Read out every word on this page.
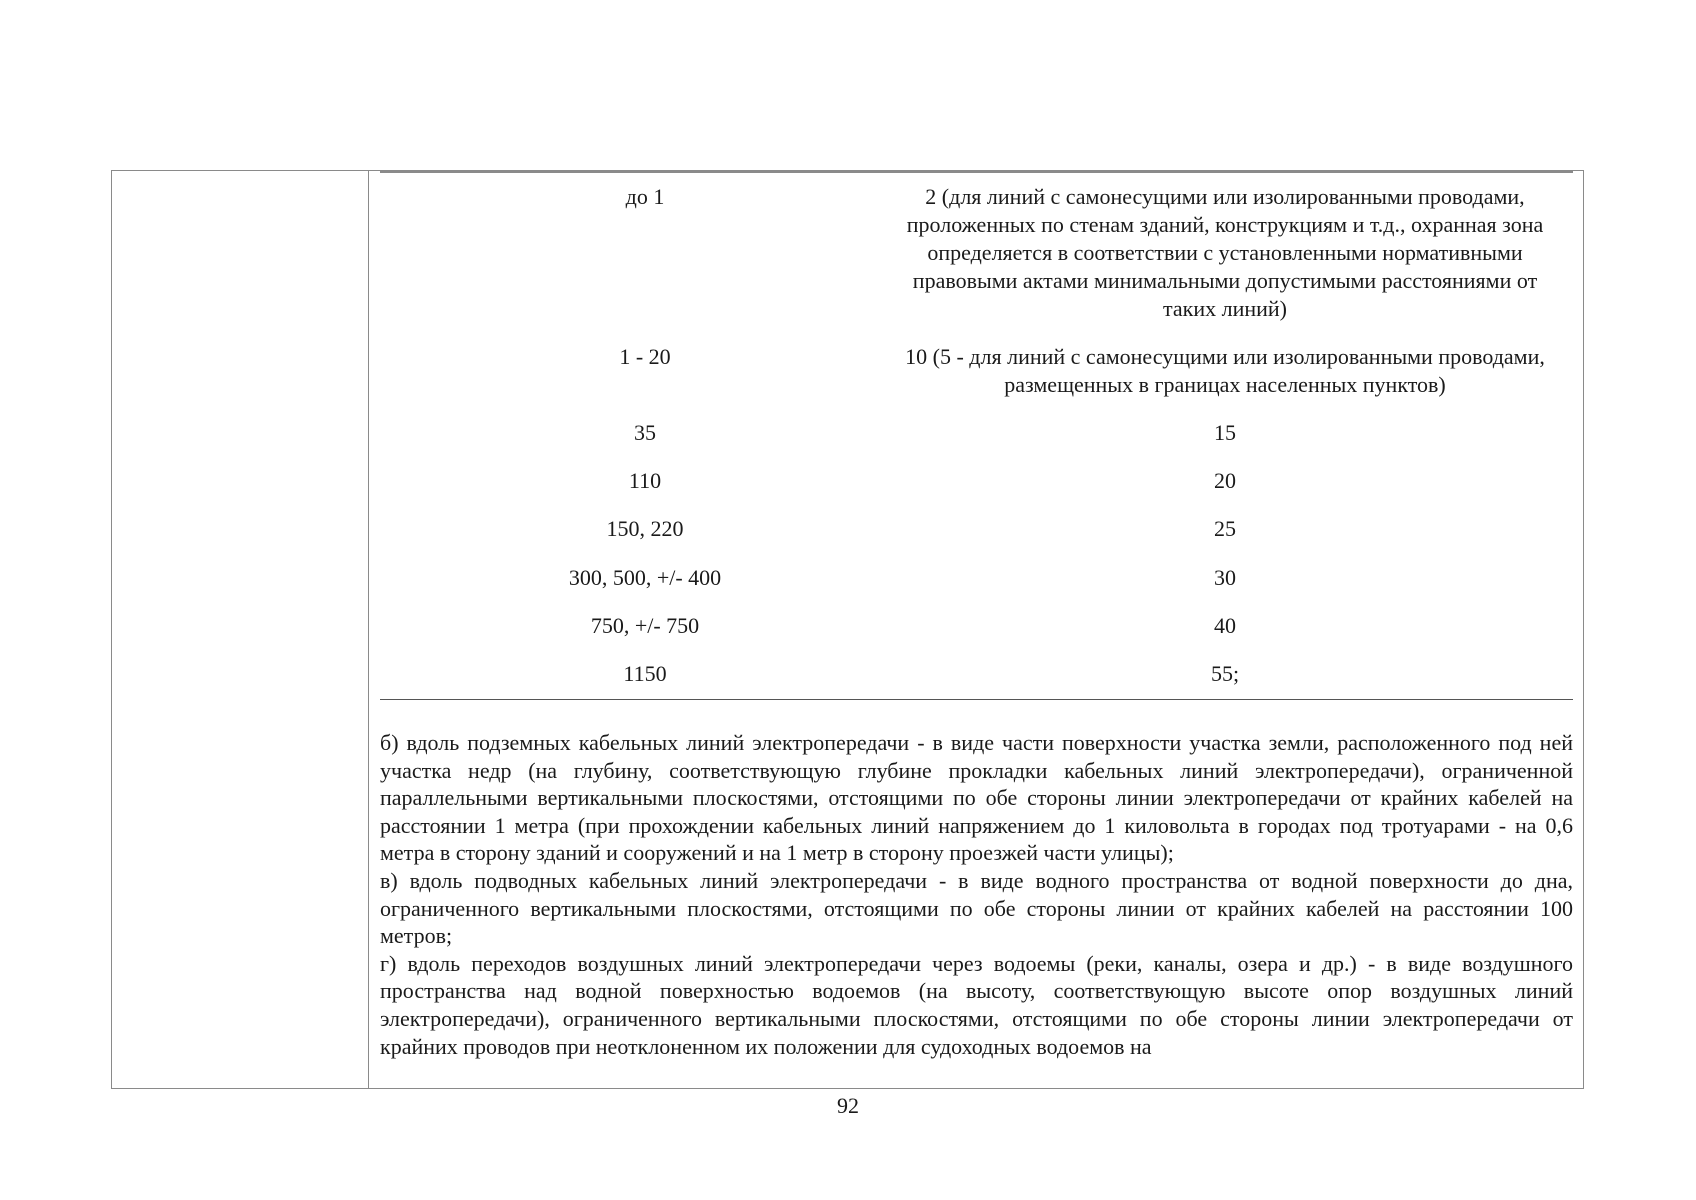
до 1	2 (для линий с самонесущими или изолированными проводами, проложенных по стенам зданий, конструкциям и т.д., охранная зона определяется в соответствии с установленными нормативными правовыми актами минимальными допустимыми расстояниями от таких линий)
1 - 20	10 (5 - для линий с самонесущими или изолированными проводами, размещенных в границах населенных пунктов)
35	15
110	20
150, 220	25
300, 500, +/- 400	30
750, +/- 750	40
1150	55;

б) вдоль подземных кабельных линий электропередачи - в виде части поверхности участка земли, расположенного под ней участка недр (на глубину, соответствующую глубине прокладки кабельных линий электропередачи), ограниченной параллельными вертикальными плоскостями, отстоящими по обе стороны линии электропередачи от крайних кабелей на расстоянии 1 метра (при прохождении кабельных линий напряжением до 1 киловольта в городах под тротуарами - на 0,6 метра в сторону зданий и сооружений и на 1 метр в сторону проезжей части улицы);

в) вдоль подводных кабельных линий электропередачи - в виде водного пространства от водной поверхности до дна, ограниченного вертикальными плоскостями, отстоящими по обе стороны линии от крайних кабелей на расстоянии 100 метров;

г) вдоль переходов воздушных линий электропередачи через водоемы (реки, каналы, озера и др.) - в виде воздушного пространства над водной поверхностью водоемов (на высоту, соответствующую высоте опор воздушных линий электропередачи), ограниченного вертикальными плоскостями, отстоящими по обе стороны линии электропередачи от крайних проводов при неотклоненном их положении для судоходных водоемов на

92
